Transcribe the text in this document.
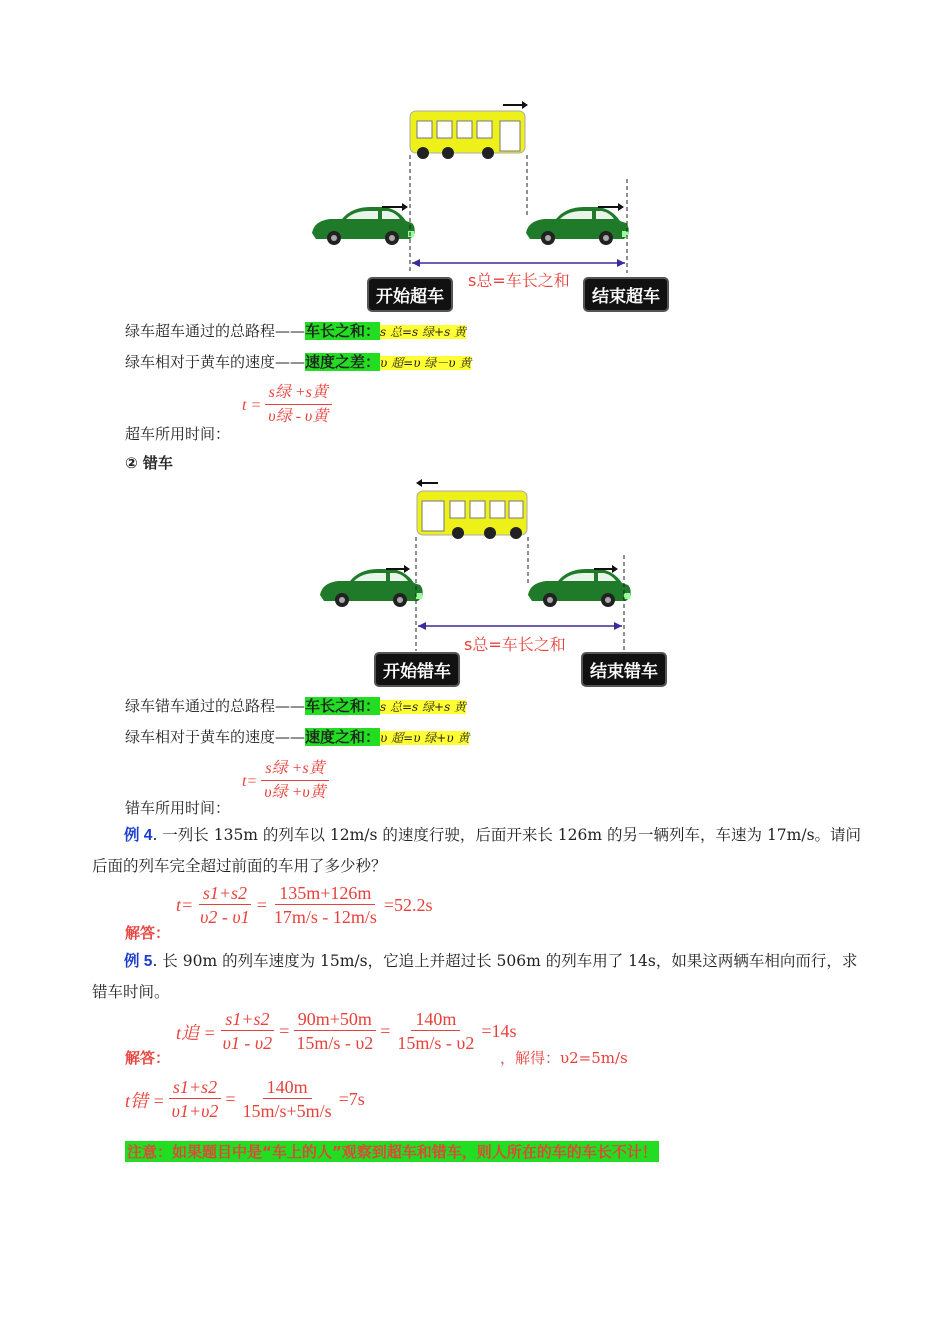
s总=车长之和
开始超车	结束超车
绿车超车通过的总路程——车长之和：s 总=s 绿+s 黄
绿车相对于黄车的速度——速度之差：υ 超=υ 绿－υ 黄
t =
s绿 +s黄
υ绿 - υ黄
超车所用时间：
② 错车
s总=车长之和
开始错车	结束错车
绿车错车通过的总路程——车长之和：s 总=s 绿+s 黄
绿车相对于黄车的速度——速度之和：υ 超=υ 绿+υ 黄
t=
s绿 +s黄
υ绿 +υ黄
错车所用时间：
例 4. 一列长 135m 的列车以 12m/s 的速度行驶，后面开来长 126m 的另一辆列车，车速为 17m/s。请问后面的列车完全超过前面的车用了多少秒？
$t= \frac{s1+s2}{\upsilon 2 - \upsilon 1} = \frac{135m+126m}{17m/s - 12m/s} =52.2s$
解答：
例 5. 长 90m 的列车速度为 15m/s，它追上并超过长 506m 的列车用了 14s，如果这两辆车相向而行，求错车时间。
t追 = $\frac{s1+s2}{\upsilon 1 - \upsilon 2} = \frac{90m+50m}{15m/s - \upsilon 2} = \frac{140m}{15m/s - \upsilon 2} =14s$
解答：	，解得：υ2=5m/s
t错 = $\frac{s1+s2}{\upsilon 1+\upsilon 2} = \frac{140m}{15m/s+5m/s} =7s$
注意：如果题目中是“车上的人”观察到超车和错车，则人所在的车的车长不计！
